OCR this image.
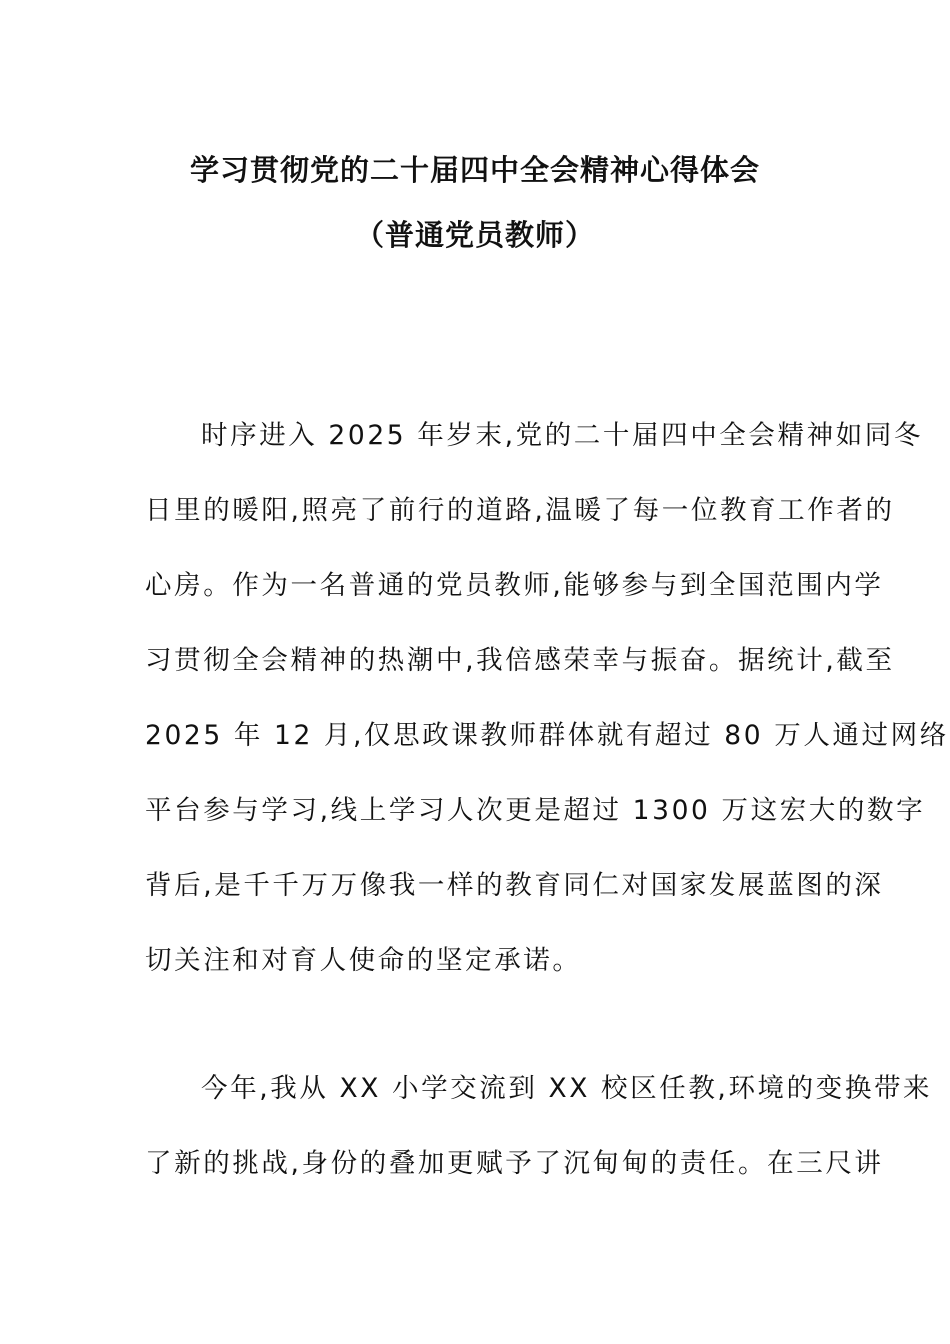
学习贯彻党的二十届四中全会精神心得体会
（普通党员教师）
时序进入 2025 年岁末,党的二十届四中全会精神如同冬
日里的暖阳,照亮了前行的道路,温暖了每一位教育工作者的
心房。作为一名普通的党员教师,能够参与到全国范围内学
习贯彻全会精神的热潮中,我倍感荣幸与振奋。据统计,截至
2025 年 12 月,仅思政课教师群体就有超过 80 万人通过网络
平台参与学习,线上学习人次更是超过 1300 万这宏大的数字
背后,是千千万万像我一样的教育同仁对国家发展蓝图的深
切关注和对育人使命的坚定承诺。
今年,我从 XX 小学交流到 XX 校区任教,环境的变换带来
了新的挑战,身份的叠加更赋予了沉甸甸的责任。在三尺讲
